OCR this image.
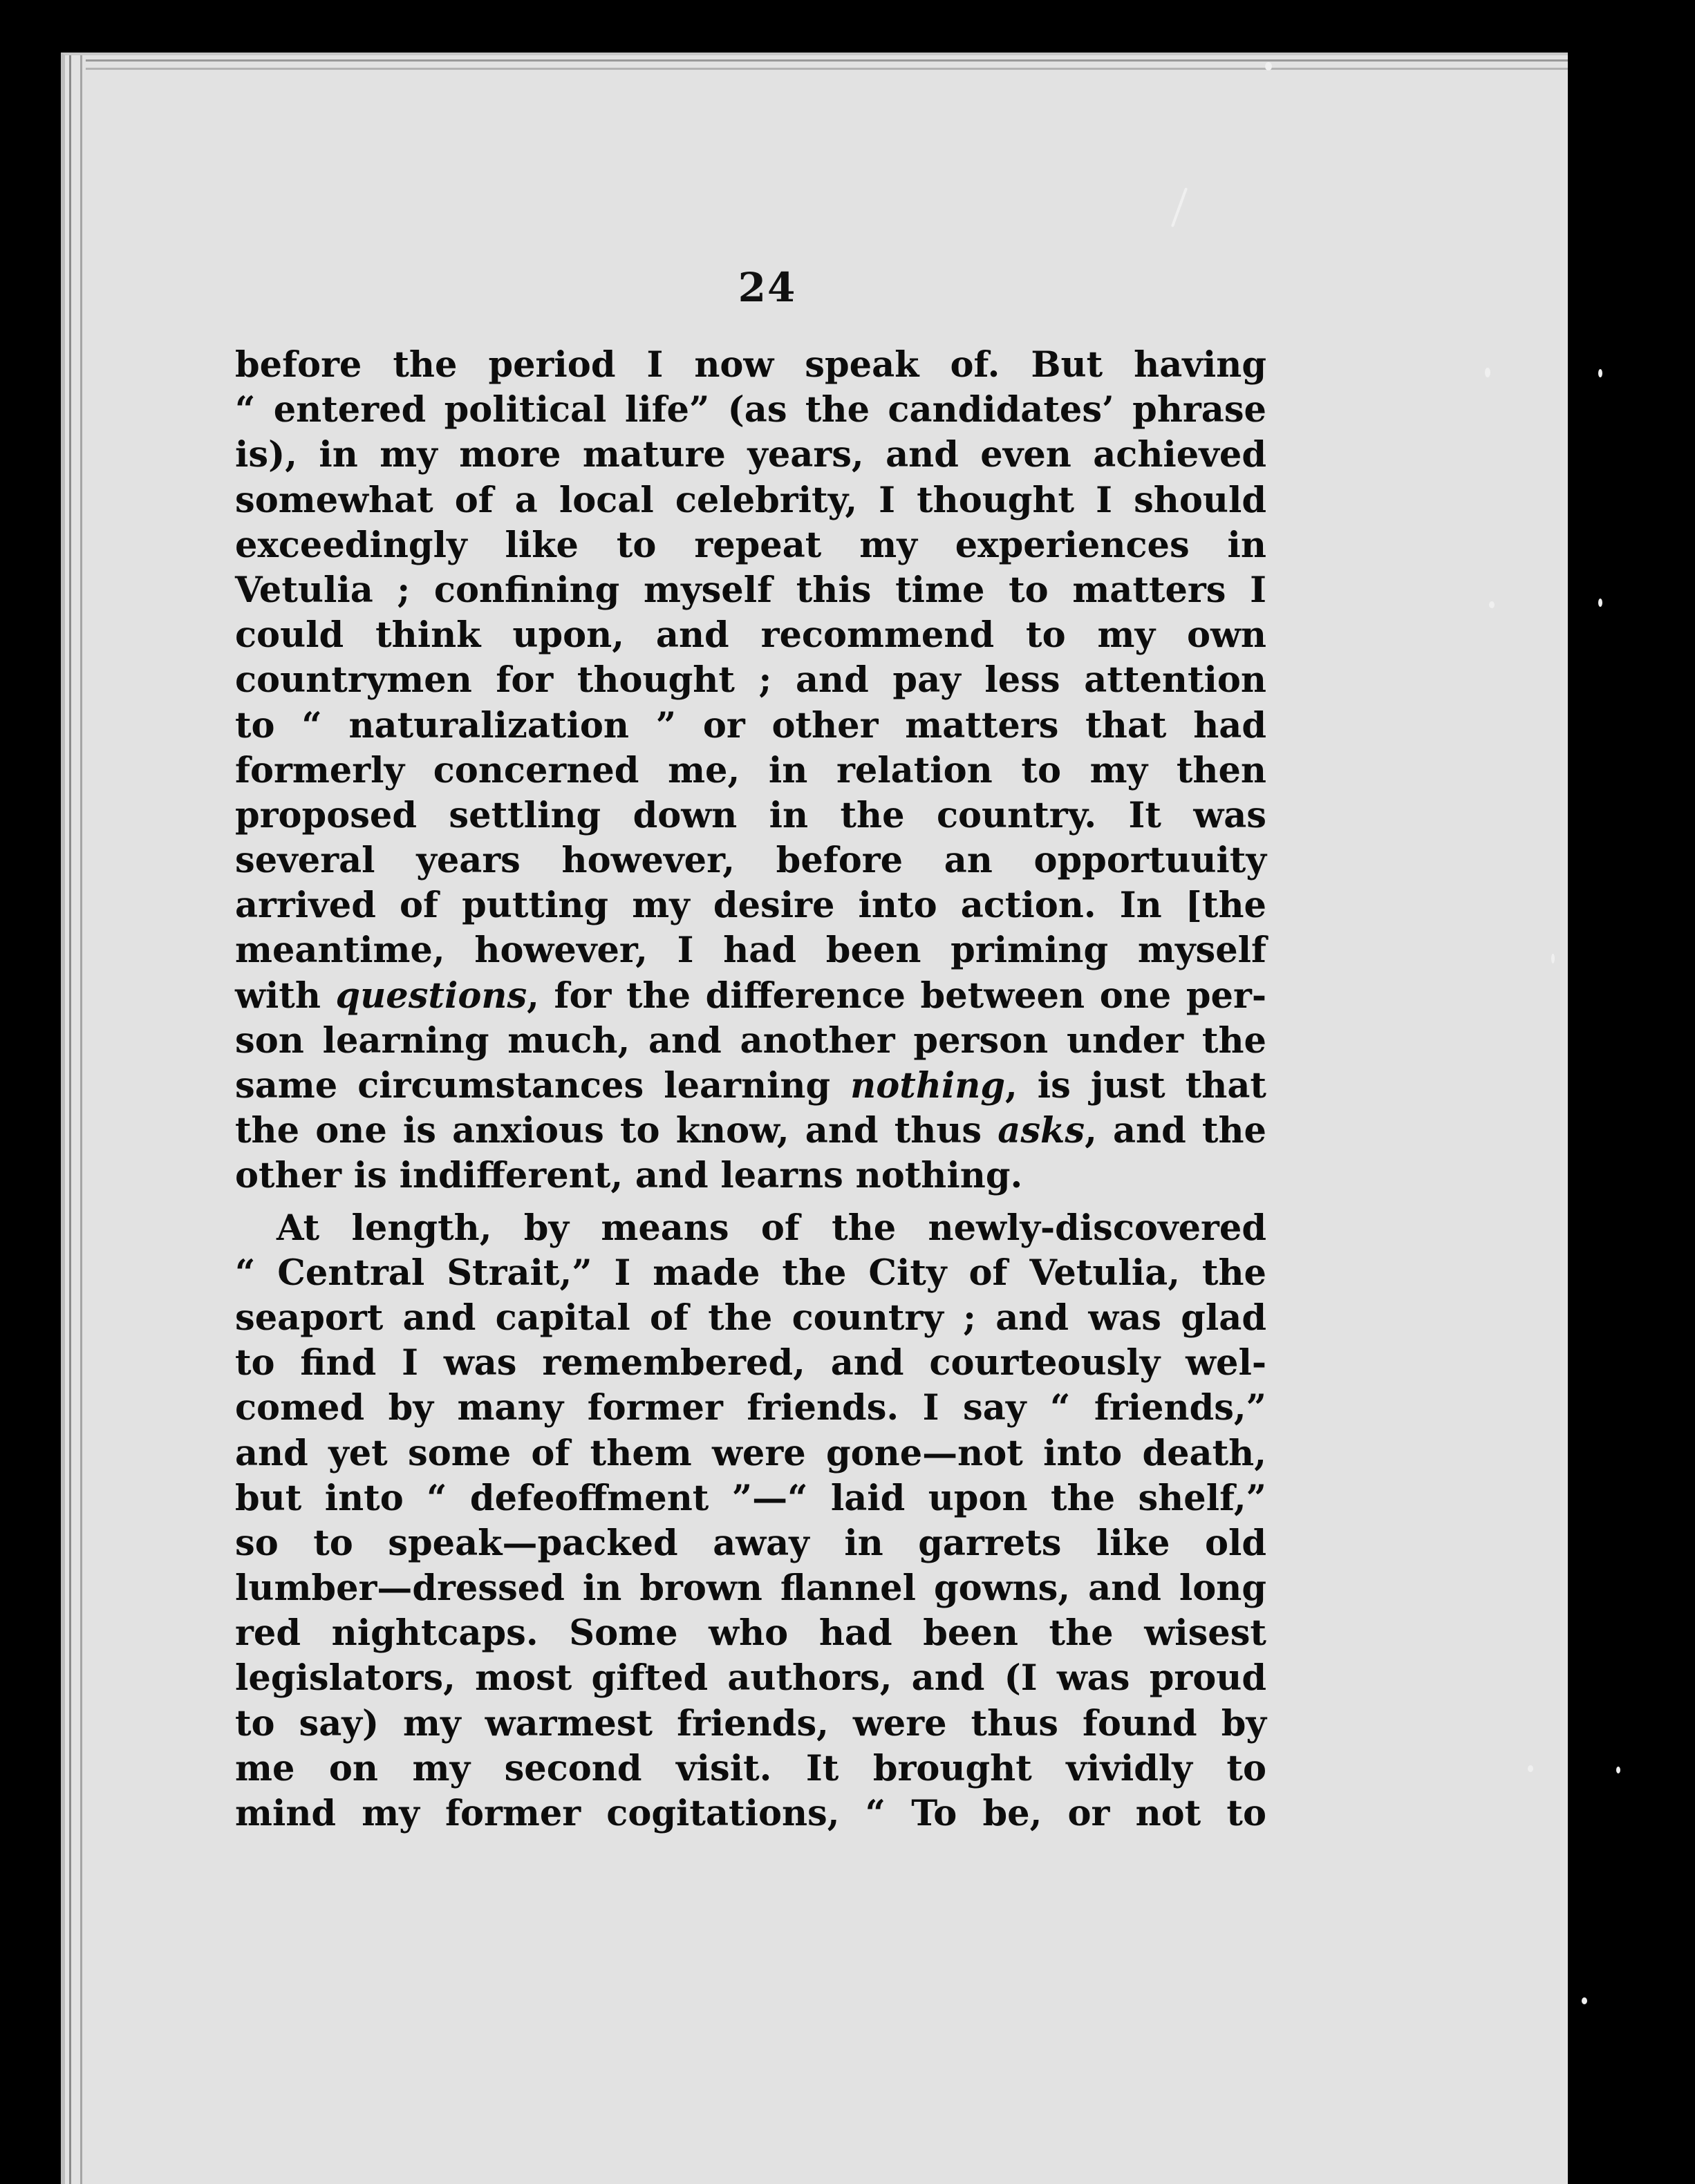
24
before the period I now speak of. But having
“ entered political life” (as the candidates’ phrase
is), in my more mature years, and even achieved
somewhat of a local celebrity, I thought I should
exceedingly like to repeat my experiences in
Vetulia ; confining myself this time to matters I
could think upon, and recommend to my own
countrymen for thought ; and pay less attention
to “ naturalization ” or other matters that had
formerly concerned me, in relation to my then
proposed settling down in the country. It was
several years however, before an opportuuity
arrived of putting my desire into action. In [the
meantime, however, I had been priming myself
with questions, for the difference between one per-
son learning much, and another person under the
same circumstances learning nothing, is just that
the one is anxious to know, and thus asks, and the
other is indifferent, and learns nothing.
At length, by means of the newly-discovered
“ Central Strait,” I made the City of Vetulia, the
seaport and capital of the country ; and was glad
to find I was remembered, and courteously wel-
comed by many former friends. I say “ friends,”
and yet some of them were gone—not into death,
but into “ defeoffment ”—“ laid upon the shelf,”
so to speak—packed away in garrets like old
lumber—dressed in brown flannel gowns, and long
red nightcaps. Some who had been the wisest
legislators, most gifted authors, and (I was proud
to say) my warmest friends, were thus found by
me on my second visit. It brought vividly to
mind my former cogitations, “ To be, or not to
